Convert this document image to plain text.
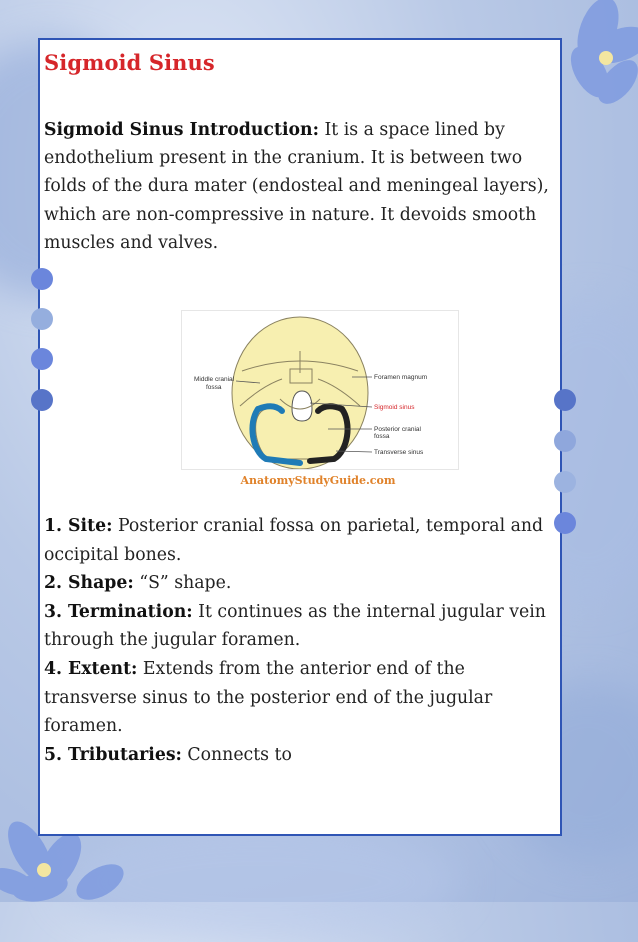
Sigmoid Sinus

Sigmoid Sinus Introduction: It is a space lined by endothelium present in the cranium. It is between two folds of the dura mater (endosteal and meningeal layers), which are non-compressive in nature. It devoids smooth muscles and valves.

Middle cranial
fossa
Foramen magnum
Sigmoid sinus
Posterior cranial
fossa
Transverse sinus
AnatomyStudyGuide.com
1. Site: Posterior cranial fossa on parietal, temporal and occipital bones.
2. Shape: “S” shape.
3. Termination: It continues as the internal jugular vein through the jugular foramen.
4. Extent: Extends from the anterior end of the transverse sinus to the posterior end of the jugular foramen.
5. Tributaries: Connects to
